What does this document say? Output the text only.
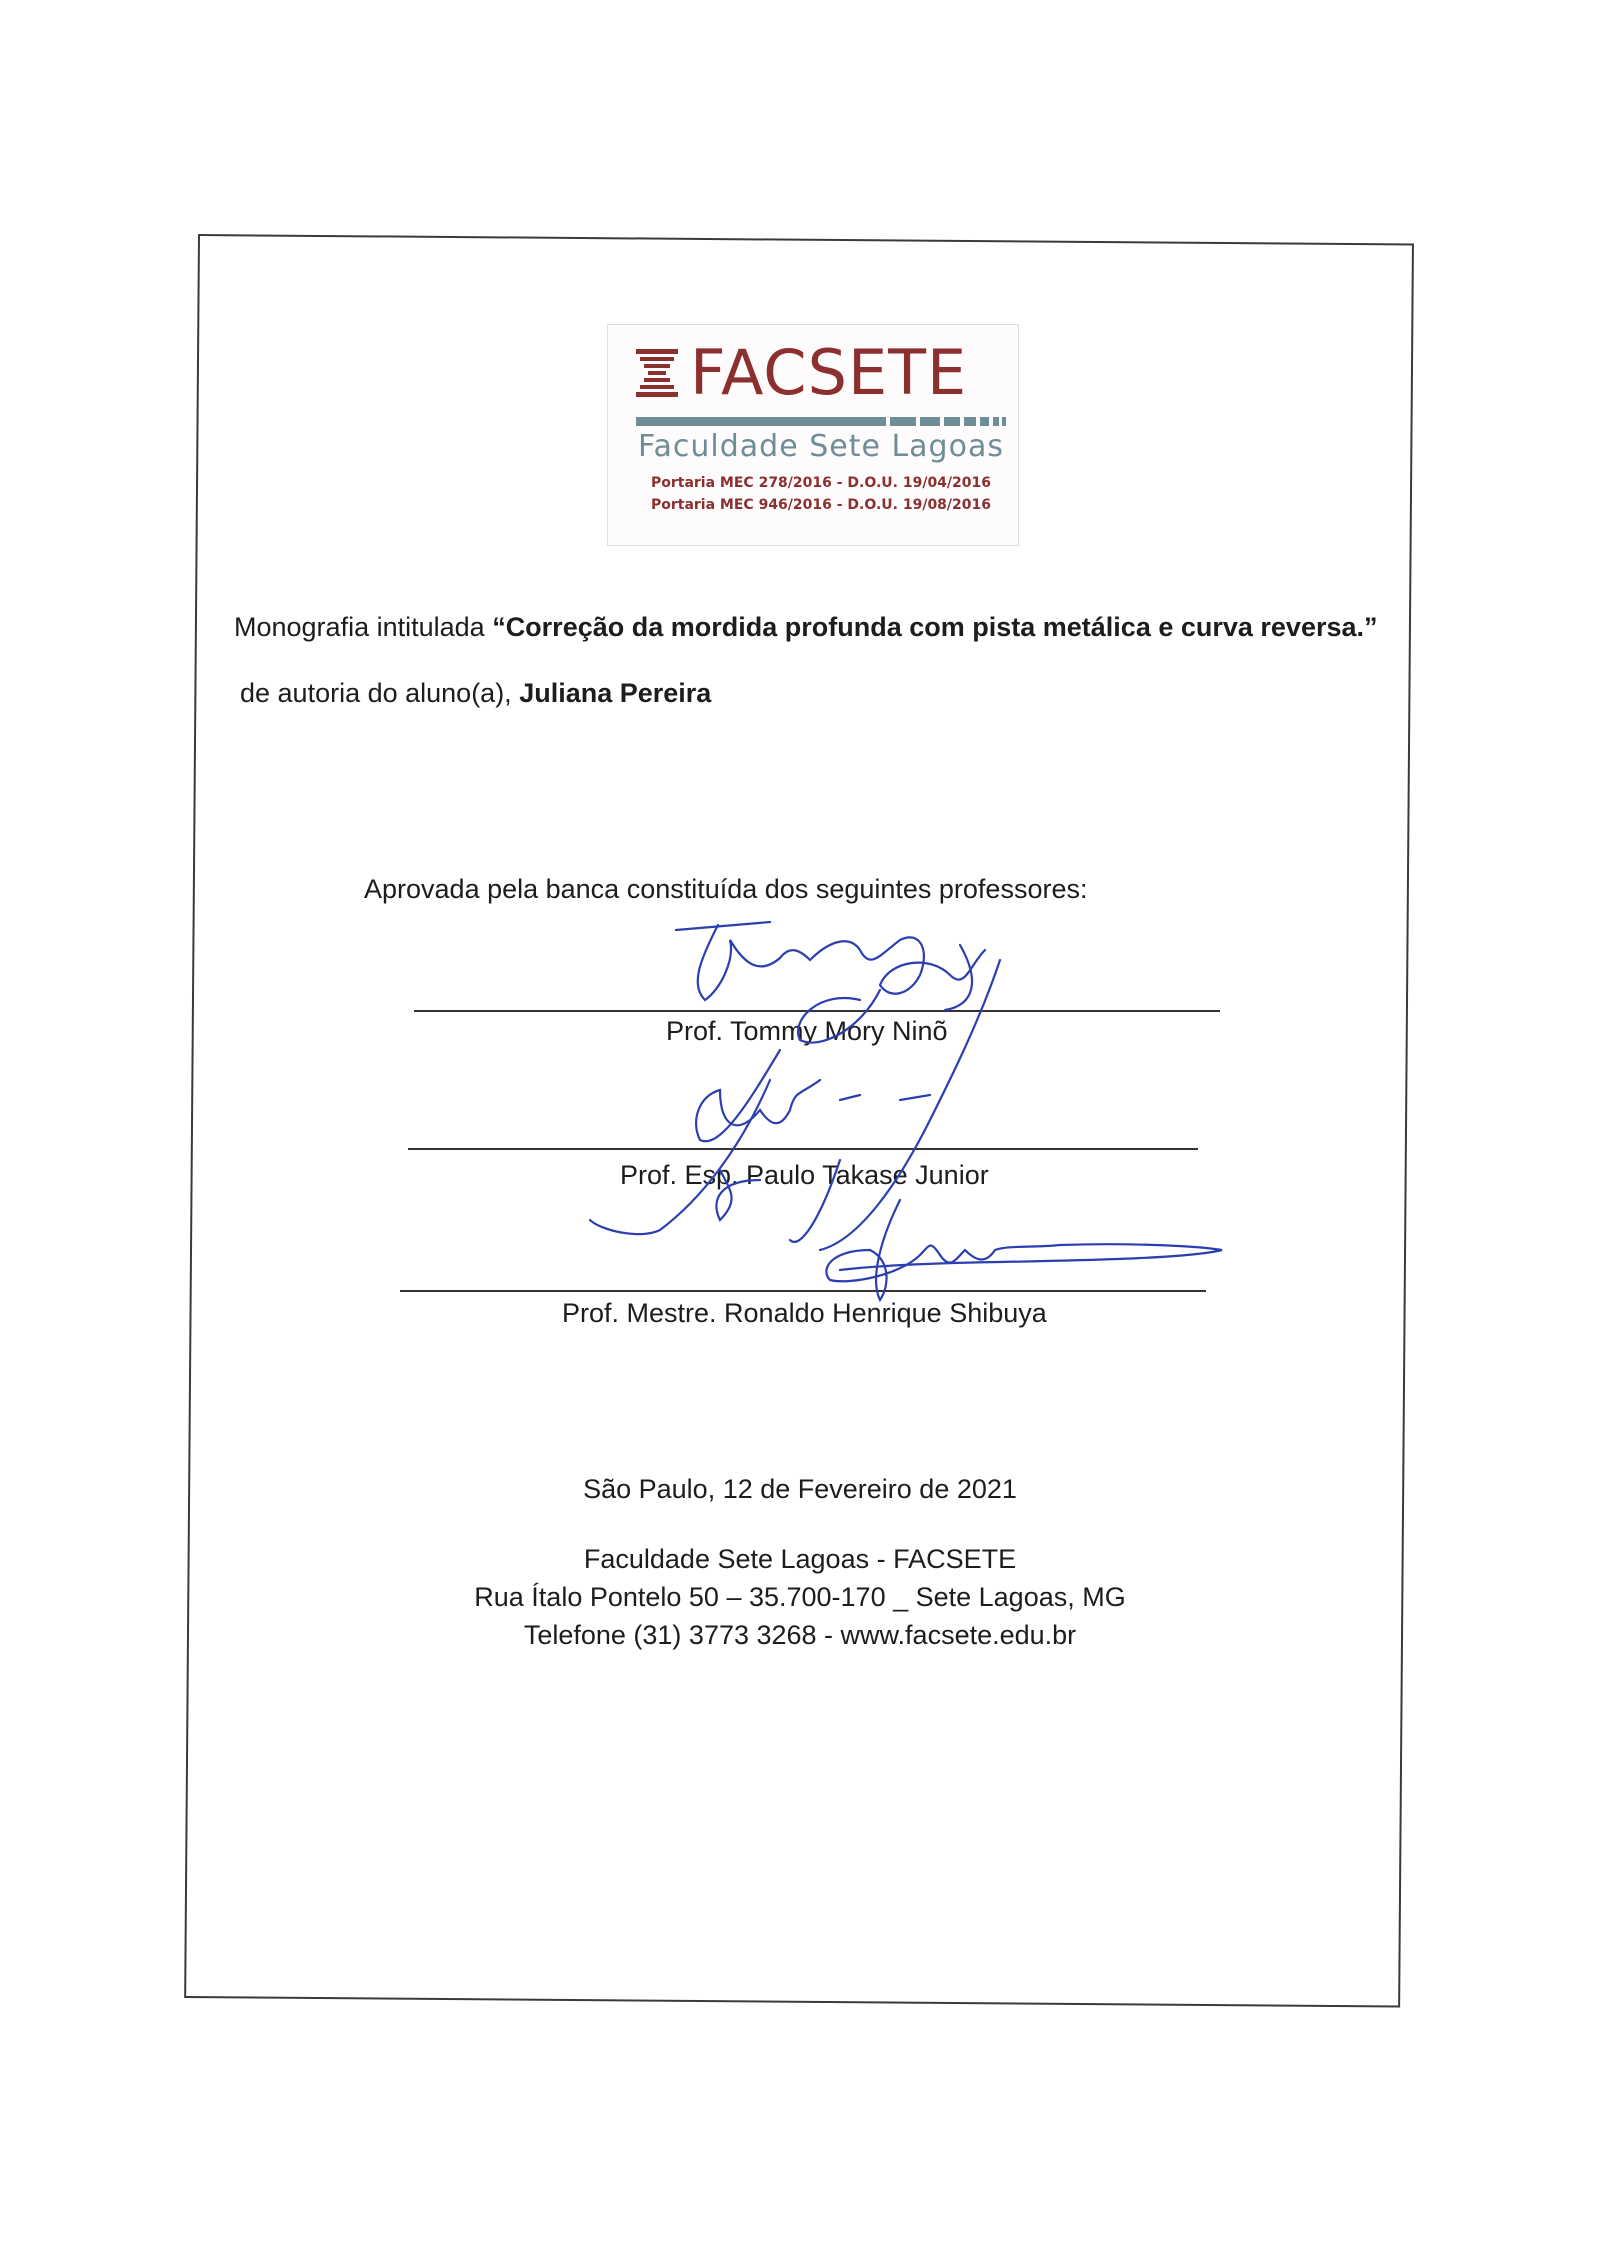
FACSETE
Faculdade Sete Lagoas
Portaria MEC 278/2016 - D.O.U. 19/04/2016
Portaria MEC 946/2016 - D.O.U. 19/08/2016
Monografia intitulada “Correção da mordida profunda com pista metálica e curva reversa.”
de autoria do aluno(a), Juliana Pereira
Aprovada pela banca constituída dos seguintes professores:
Prof. Tommy Mory Ninõ
Prof. Esp. Paulo Takase Junior
Prof. Mestre. Ronaldo Henrique Shibuya
São Paulo, 12 de Fevereiro de 2021
Faculdade Sete Lagoas - FACSETE
Rua Ítalo Pontelo 50 – 35.700-170 _ Sete Lagoas, MG
Telefone (31) 3773 3268 - www.facsete.edu.br
